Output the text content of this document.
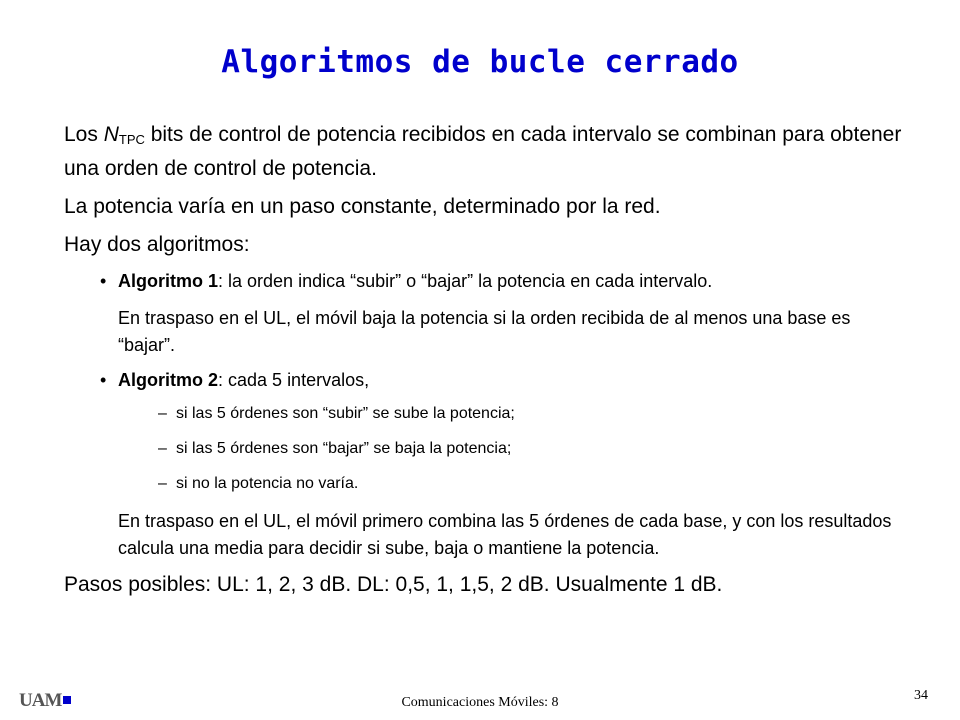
Algoritmos de bucle cerrado

Los $N_{TPC}$ bits de control de potencia recibidos en cada intervalo se combinan para obtener una orden de control de potencia.

La potencia varía en un paso constante, determinado por la red.

Hay dos algoritmos:

• Algoritmo 1: la orden indica “subir” o “bajar” la potencia en cada intervalo.
En traspaso en el UL, el móvil baja la potencia si la orden recibida de al menos una base es “bajar”.
• Algoritmo 2: cada 5 intervalos,
– si las 5 órdenes son “subir” se sube la potencia;
– si las 5 órdenes son “bajar” se baja la potencia;
– si no la potencia no varía.
En traspaso en el UL, el móvil primero combina las 5 órdenes de cada base, y con los resultados calcula una media para decidir si sube, baja o mantiene la potencia.

Pasos posibles: UL: 1, 2, 3 dB. DL: 0,5, 1, 1,5, 2 dB. Usualmente 1 dB.

UAM	Comunicaciones Móviles: 8	34
